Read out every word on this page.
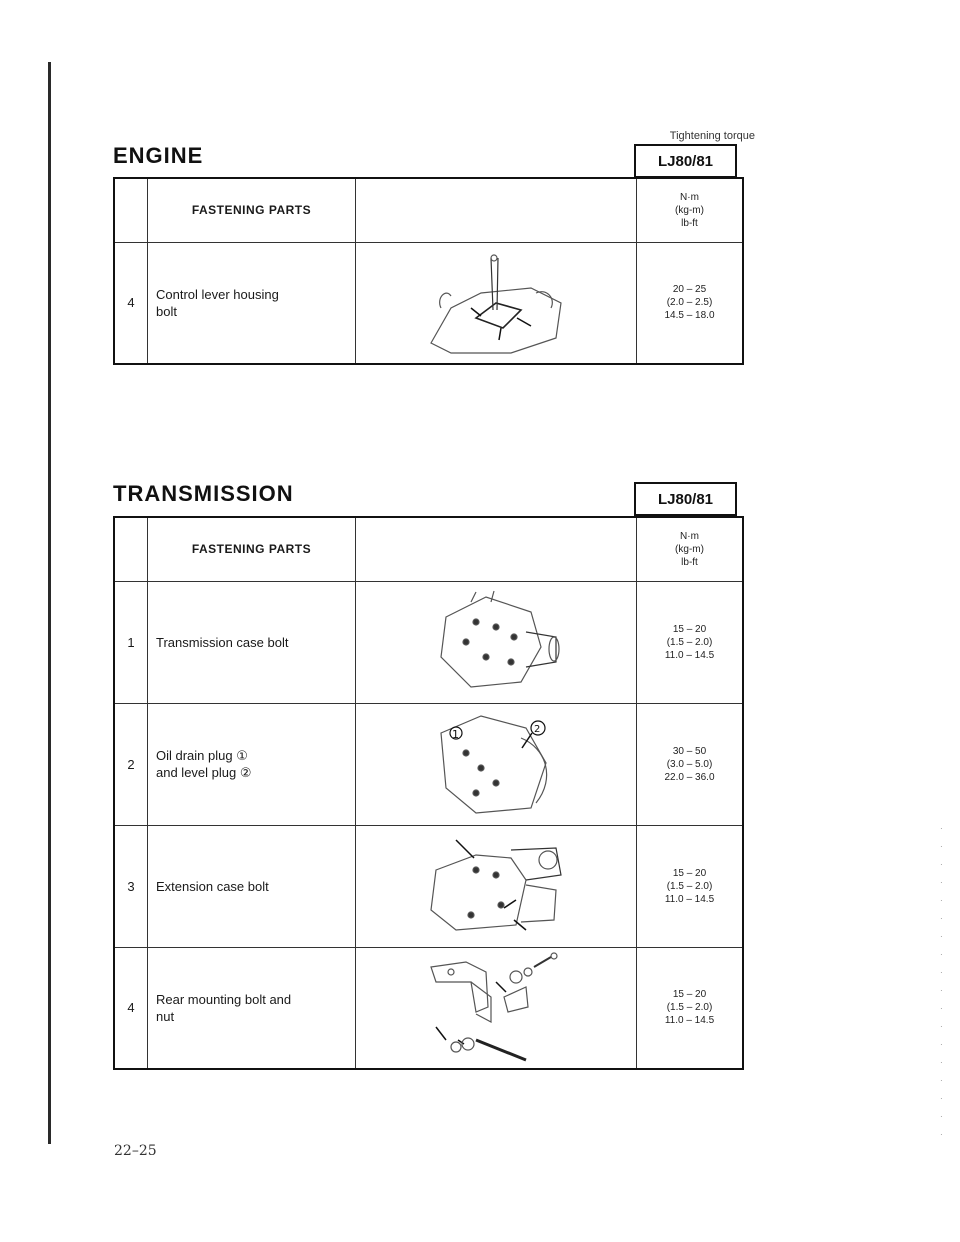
Tightening torque
ENGINE	LJ80/81
	FASTENING PARTS		N·m
(kg-m)
lb-ft

4	Control lever housing
bolt		20 – 25
(2.0 – 2.5)
14.5 – 18.0
TRANSMISSION	LJ80/81
	FASTENING PARTS		N·m
(kg-m)
lb-ft

1	Transmission case bolt		15 – 20
(1.5 – 2.0)
11.0 – 14.5

2	Oil drain plug ①
and level plug ②	1 2	30 – 50
(3.0 – 5.0)
22.0 – 36.0

3	Extension case bolt		15 – 20
(1.5 – 2.0)
11.0 – 14.5

4	Rear mounting bolt and
nut		15 – 20
(1.5 – 2.0)
11.0 – 14.5
22–25
·
·
·
·
·
·
·
·
·
·
·
·
·
·
·
·
·
·
